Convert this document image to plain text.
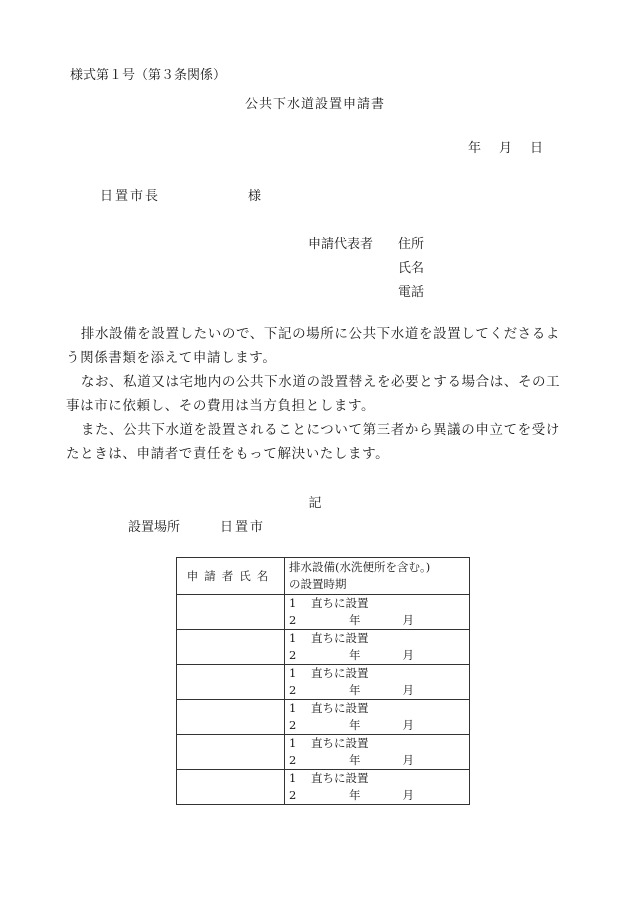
様式第１号（第３条関係）
公共下水道設置申請書
年 月 日
日置市長	様
申請代表者 住所
氏名
電話

排水設備を設置したいので、下記の場所に公共下水道を設置してくださるよう関係書類を添えて申請します。

なお、私道又は宅地内の公共下水道の設置替えを必要とする場合は、その工事は市に依頼し、その費用は当方負担とします。

また、公共下水道を設置されることについて第三者から異議の申立てを受けたときは、申請者で責任をもって解決いたします。

記
設置場所	日置市
申請者氏名	排水設備(水洗便所を含む。)
の設置時期

	1 直ちに設置
2 年 月

	1 直ちに設置
2 年 月

	1 直ちに設置
2 年 月

	1 直ちに設置
2 年 月

	1 直ちに設置
2 年 月

	1 直ちに設置
2 年 月
